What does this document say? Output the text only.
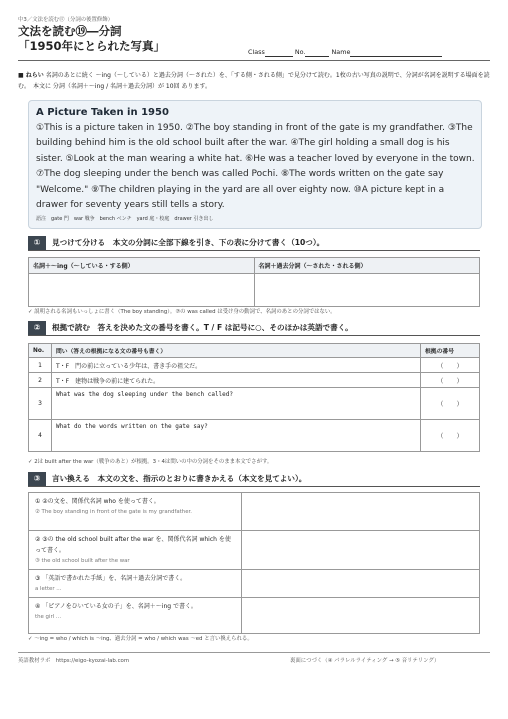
中3／文法を読む⑰（分詞の後置修飾）
文法を読む⑲―分詞
「1950年にとられた写真」	Class	No.	Name
■ ねらい 名詞のあとに続く 〜ing（〜している）と過去分詞（〜された）を、「する側・される側」で見分けて読む。1枚の古い写真の説明で、分詞が名詞を説明する場面を読む。　本文に 分詞（名詞＋〜ing / 名詞＋過去分詞）が 10回 あります。
A Picture Taken in 1950
①This is a picture taken in 1950. ②The boy standing in front of the gate is my grandfather. ③The building behind him is the old school built after the war. ④The girl holding a small dog is his sister. ⑤Look at the man wearing a white hat. ⑥He was a teacher loved by everyone in the town. ⑦The dog sleeping under the bench was called Pochi. ⑧The words written on the gate say "Welcome." ⑨The children playing in the yard are all over eighty now. ⑩A picture kept in a drawer for seventy years still tells a story.
語注　gate 門　war 戦争　bench ベンチ　yard 庭・校庭　drawer 引き出し
①	見つけて分ける　本文の分詞に全部下線を引き、下の表に分けて書く（10つ）。
名詞＋〜ing（〜している・する側）	名詞＋過去分詞（〜された・される側）

✓ 説明される名詞もいっしょに書く（The boy standing）。⑦の was called は受け身の動詞で、名詞のあとの分詞ではない。
②	根拠で読む　答えを決めた文の番号を書く。T / F は記号に○、そのほかは英語で書く。
No.	問い（答えの根拠になる文の番号も書く）	根拠の番号
1	T・F　門の前に立っている少年は、書き手の祖父だ。	（　　）
2	T・F　建物は戦争の前に建てられた。	（　　）
3	What was the dog sleeping under the bench called?	（　　）
4	What do the words written on the gate say?	（　　）
✓ 2は built after the war（戦争のあと）が根拠。3・4は問いの中の分詞をそのまま本文でさがす。
③	言い換える　本文の文を、指示のとおりに書きかえる（本文を見てよい）。
① ②の文を、関係代名詞 who を使って書く。
② The boy standing in front of the gate is my grandfather.	

② ③の the old school built after the war を、関係代名詞 which を使って書く。
③ the old school built after the war	

③ 「英語で書かれた手紙」を、名詞＋過去分詞で書く。
a letter ...	

④ 「ピアノをひいている女の子」を、名詞＋〜ing で書く。
the girl ...	

✓ 〜ing = who / which is 〜ing、過去分詞 = who / which was 〜ed と言い換えられる。
英語教材ラボ　https://eigo-kyozai-lab.com	裏面につづく（④ パラレルライティング → ⑤ 音リテリング）
